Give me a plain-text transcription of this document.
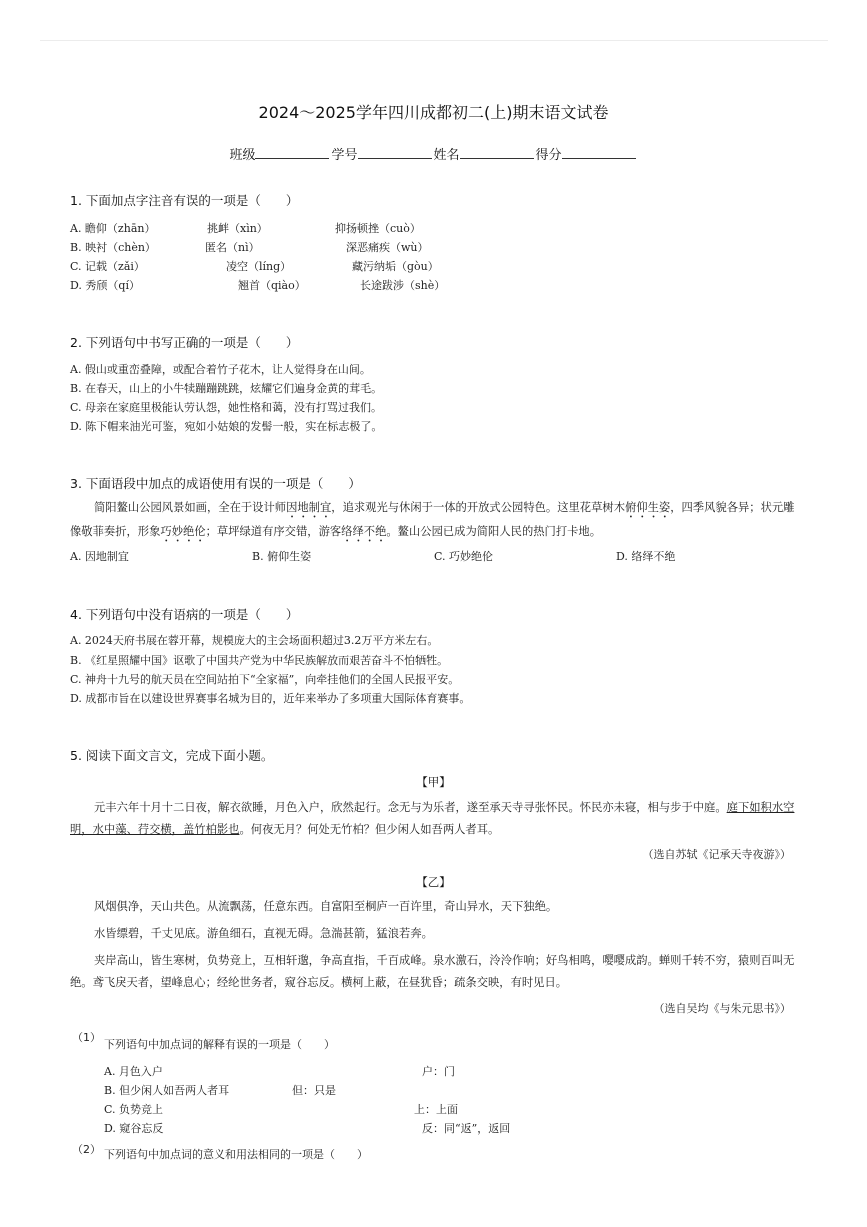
2024～2025学年四川成都初二(上)期末语文试卷
班级	学号	姓名	得分
1. 下面加点字注音有误的一项是（　　）
A. 瞻仰（zhān）	挑衅（xìn）	抑扬顿挫（cuò）
B. 映衬（chèn）	匿名（nì）	深恶痛疾（wù）
C. 记载（zǎi）	凌空（líng）	藏污纳垢（gòu）
D. 秀颀（qí）	翘首（qiào）	长途跋涉（shè）
2. 下列语句中书写正确的一项是（　　）
A. 假山或重峦叠障，或配合着竹子花木，让人觉得身在山间。
B. 在春天，山上的小牛犊蹦蹦跳跳，炫耀它们遍身金黄的茸毛。
C. 母亲在家庭里极能认劳认怨，她性格和蔼，没有打骂过我们。
D. 陈下帽来油光可鉴，宛如小姑娘的发髻一般，实在标志极了。
3. 下面语段中加点的成语使用有误的一项是（　　）
简阳鳌山公园风景如画，全在于设计师因地制宜，追求观光与休闲于一体的开放式公园特色。这里花草树木俯仰生姿，四季风貌各异；状元雕像敬菲奏折，形象巧妙绝伦；草坪绿道有序交错，游客络绎不绝。鳌山公园已成为简阳人民的热门打卡地。
A. 因地制宜	B. 俯仰生姿	C. 巧妙绝伦	D. 络绎不绝
4. 下列语句中没有语病的一项是（　　）
A. 2024天府书展在蓉开幕，规模庞大的主会场面积超过3.2万平方米左右。
B. 《红星照耀中国》讴歌了中国共产党为中华民族解放而艰苦奋斗不怕牺牲。
C. 神舟十九号的航天员在空间站拍下“全家福”，向牵挂他们的全国人民报平安。
D. 成都市旨在以建设世界赛事名城为目的，近年来举办了多项重大国际体育赛事。
5. 阅读下面文言文，完成下面小题。
【甲】
元丰六年十月十二日夜，解衣欲睡，月色入户，欣然起行。念无与为乐者，遂至承天寺寻张怀民。怀民亦未寝，相与步于中庭。庭下如积水空明，水中藻、荇交横，盖竹柏影也。何夜无月？何处无竹柏？但少闲人如吾两人者耳。
（选自苏轼《记承天寺夜游》）
【乙】
风烟俱净，天山共色。从流飘荡，任意东西。自富阳至桐庐一百许里，奇山异水，天下独绝。
水皆缥碧，千丈见底。游鱼细石，直视无碍。急湍甚箭，猛浪若奔。
夹岸高山，皆生寒树，负势竞上，互相轩邈，争高直指，千百成峰。泉水激石，泠泠作响；好鸟相鸣，嘤嘤成韵。蝉则千转不穷，猿则百叫无绝。鸢飞戾天者，望峰息心；经纶世务者，窥谷忘反。横柯上蔽，在昼犹昏；疏条交映，有时见日。
（选自吴均《与朱元思书》）
（1）
下列语句中加点词的解释有误的一项是（　　）
A. 月色入户	户：门
B. 但少闲人如吾两人者耳	但：只是
C. 负势竞上	上：上面
D. 窥谷忘反	反：同“返”，返回
（2） 下列语句中加点词的意义和用法相同的一项是（　　）
